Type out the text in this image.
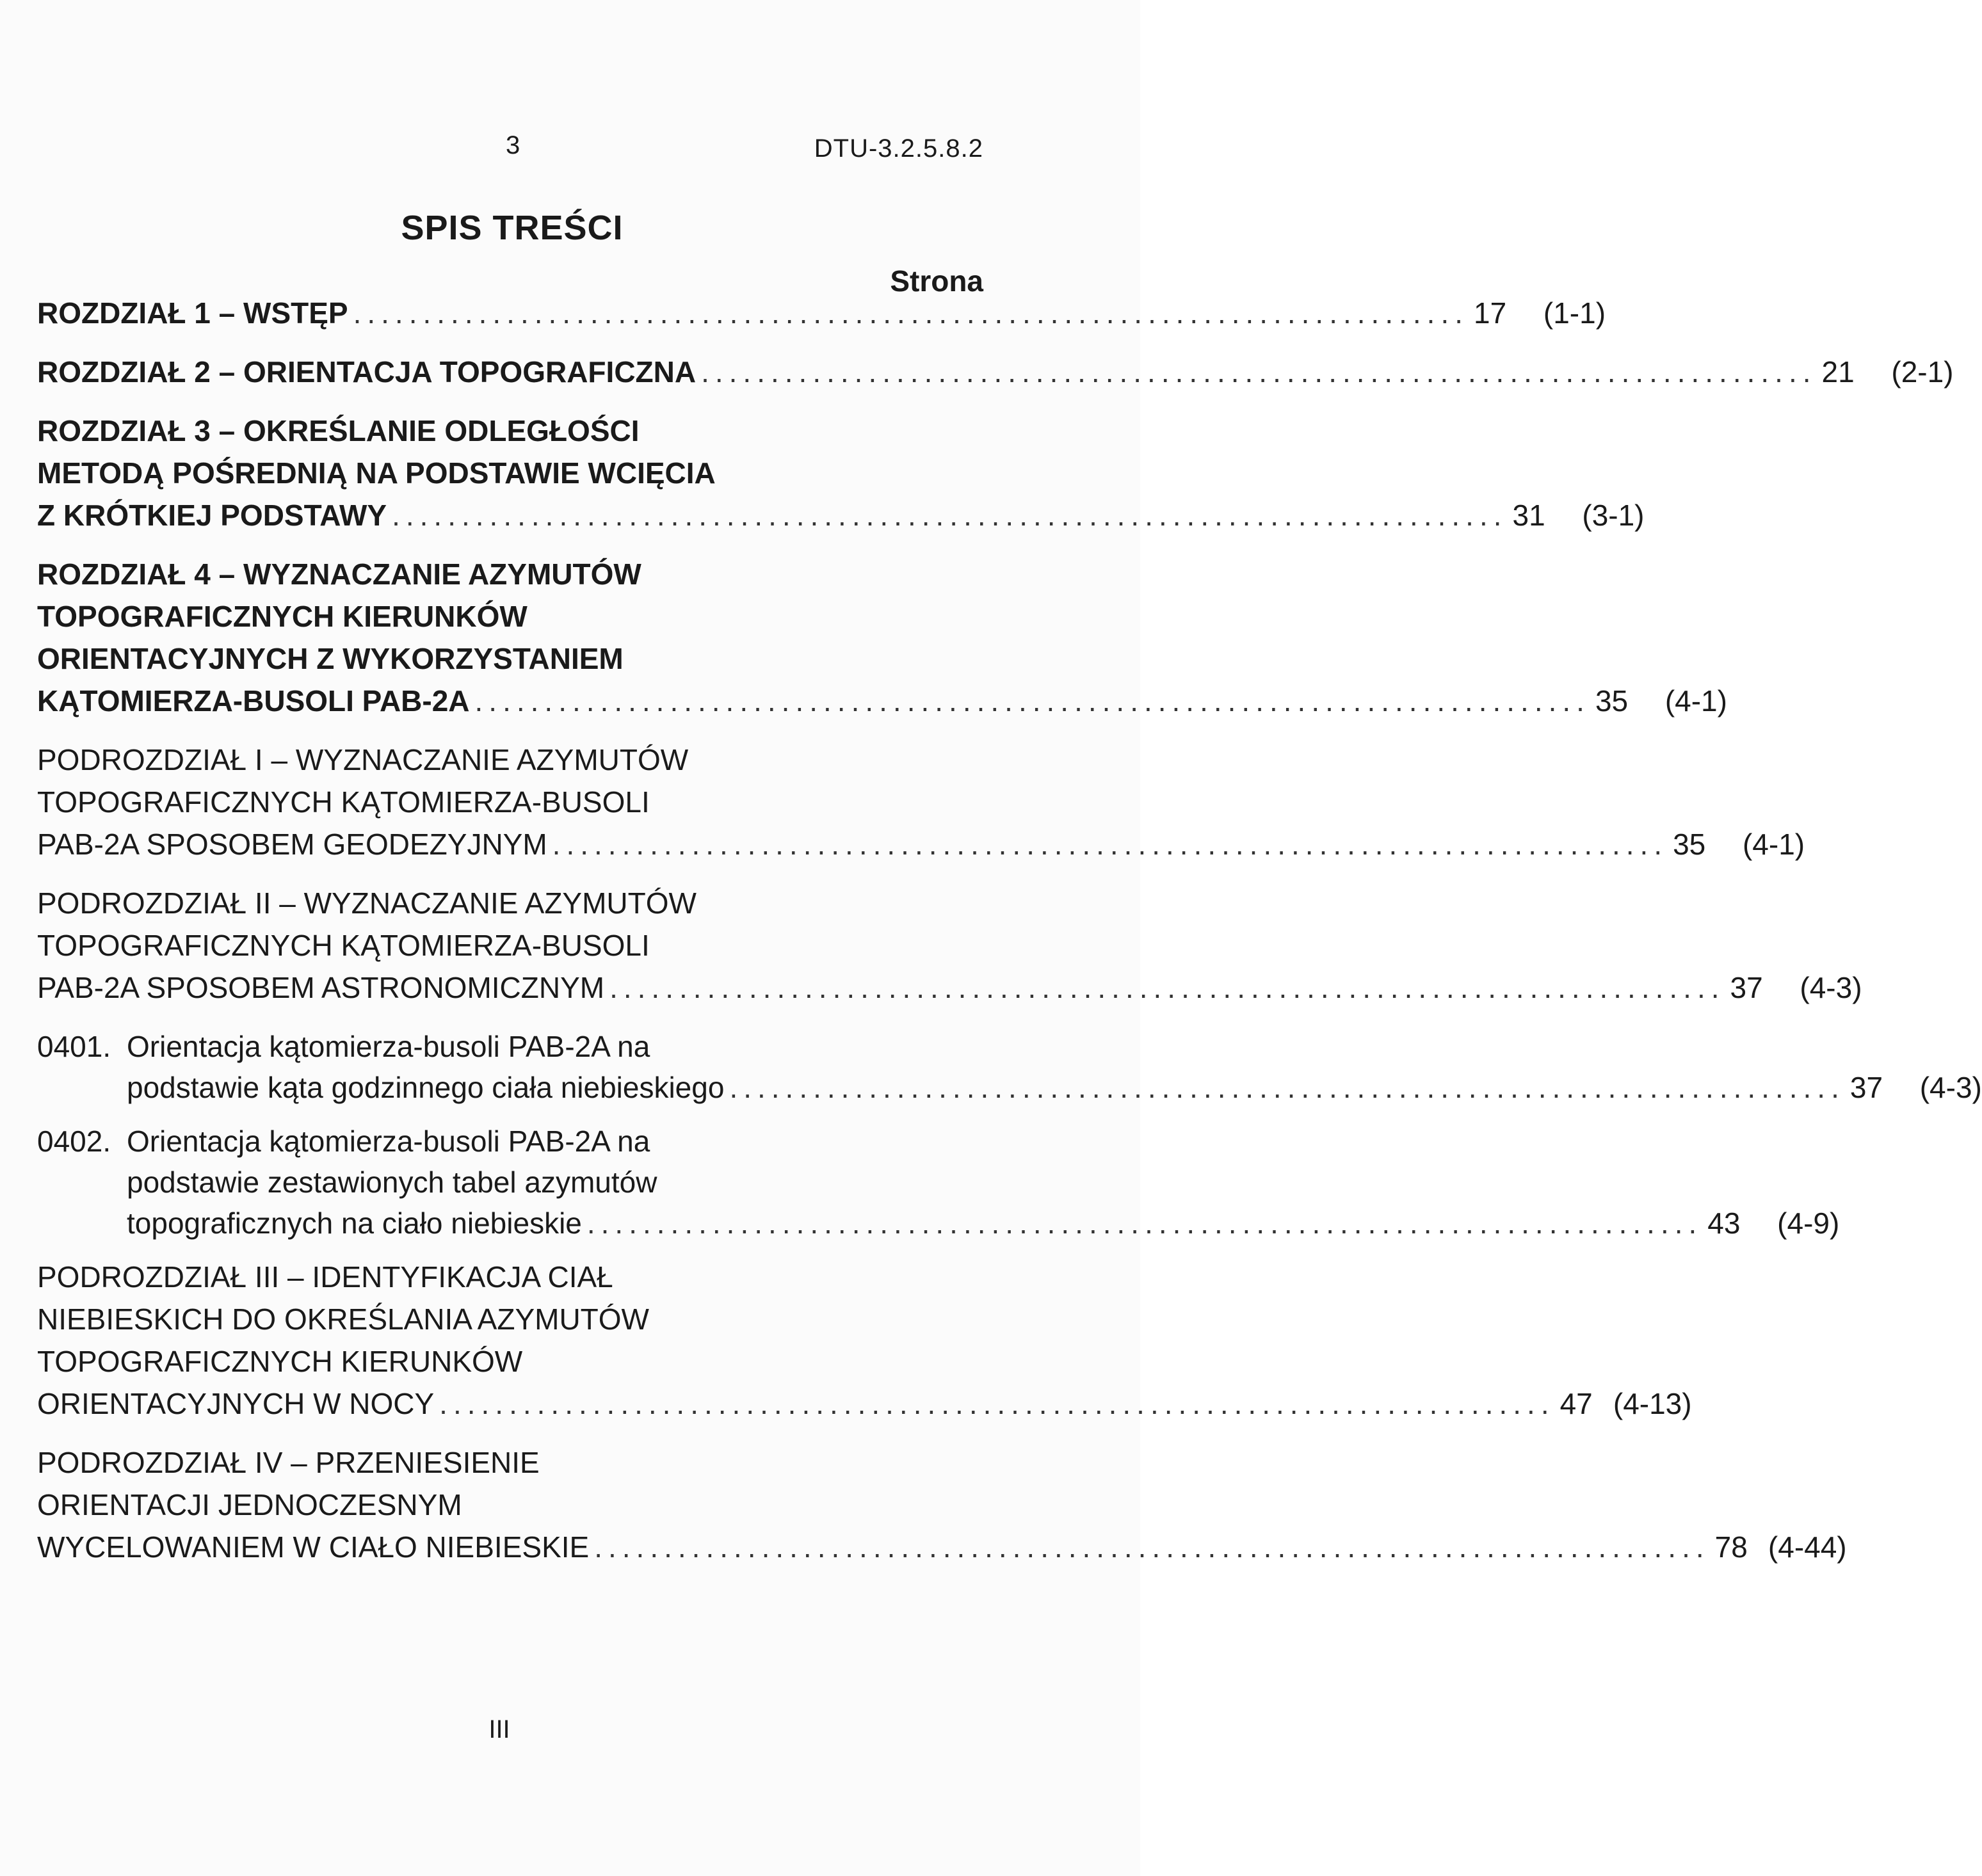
3	DTU-3.2.5.8.2
SPIS TREŚCI
Strona
ROZDZIAŁ 1 – WSTĘP ................................................................................ 17	(1-1)
ROZDZIAŁ 2 – ORIENTACJA TOPOGRAFICZNA ................................................................................ 21	(2-1)
ROZDZIAŁ 3 – OKREŚLANIE ODLEGŁOŚCI
METODĄ POŚREDNIĄ NA PODSTAWIE WCIĘCIA
Z KRÓTKIEJ PODSTAWY ................................................................................ 31	(3-1)
ROZDZIAŁ 4 – WYZNACZANIE AZYMUTÓW
TOPOGRAFICZNYCH KIERUNKÓW
ORIENTACYJNYCH Z WYKORZYSTANIEM
KĄTOMIERZA-BUSOLI PAB-2A ................................................................................ 35	(4-1)
PODROZDZIAŁ I – WYZNACZANIE AZYMUTÓW
TOPOGRAFICZNYCH KĄTOMIERZA-BUSOLI
PAB-2A SPOSOBEM GEODEZYJNYM ................................................................................ 35	(4-1)
PODROZDZIAŁ II – WYZNACZANIE AZYMUTÓW
TOPOGRAFICZNYCH KĄTOMIERZA-BUSOLI
PAB-2A SPOSOBEM ASTRONOMICZNYM ................................................................................ 37	(4-3)
0401. Orientacja kątomierza-busoli PAB-2A na
podstawie kąta godzinnego ciała niebieskiego ................................................................................ 37	(4-3)
0402. Orientacja kątomierza-busoli PAB-2A na
podstawie zestawionych tabel azymutów
topograficznych na ciało niebieskie ................................................................................ 43	(4-9)
PODROZDZIAŁ III – IDENTYFIKACJA CIAŁ
NIEBIESKICH DO OKREŚLANIA AZYMUTÓW
TOPOGRAFICZNYCH KIERUNKÓW
ORIENTACYJNYCH W NOCY ................................................................................ 47 (4-13)
PODROZDZIAŁ IV – PRZENIESIENIE
ORIENTACJI JEDNOCZESNYM
WYCELOWANIEM W CIAŁO NIEBIESKIE ................................................................................ 78 (4-44)
III
